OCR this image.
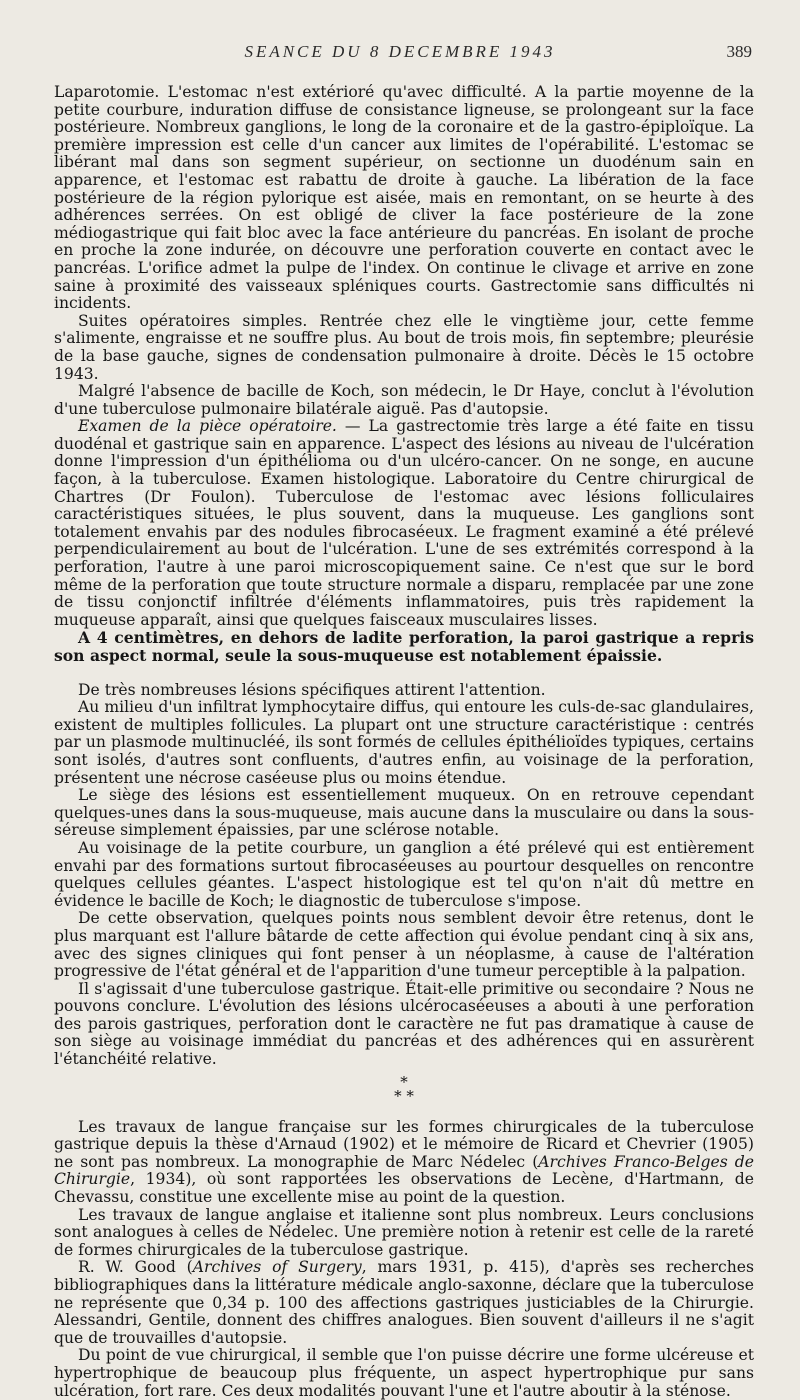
SEANCE DU 8 DECEMBRE 1943	389

Laparotomie. L'estomac n'est extérioré qu'avec difficulté. A la partie moyenne de la petite courbure, induration diffuse de consistance ligneuse, se prolongeant sur la face postérieure. Nombreux ganglions, le long de la coronaire et de la gastro-épiploïque. La première impression est celle d'un cancer aux limites de l'opérabilité. L'estomac se libérant mal dans son segment supérieur, on sectionne un duodénum sain en apparence, et l'estomac est rabattu de droite à gauche. La libération de la face postérieure de la région pylorique est aisée, mais en remontant, on se heurte à des adhérences serrées. On est obligé de cliver la face postérieure de la zone médiogastrique qui fait bloc avec la face antérieure du pancréas. En isolant de proche en proche la zone indurée, on découvre une perforation couverte en contact avec le pancréas. L'orifice admet la pulpe de l'index. On continue le clivage et arrive en zone saine à proximité des vaisseaux spléniques courts. Gastrectomie sans difficultés ni incidents.

Suites opératoires simples. Rentrée chez elle le vingtième jour, cette femme s'alimente, engraisse et ne souffre plus. Au bout de trois mois, fin septembre; pleurésie de la base gauche, signes de condensation pulmonaire à droite. Décès le 15 octobre 1943.

Malgré l'absence de bacille de Koch, son médecin, le Dr Haye, conclut à l'évolution d'une tuberculose pulmonaire bilatérale aiguë. Pas d'autopsie.

Examen de la pièce opératoire. — La gastrectomie très large a été faite en tissu duodénal et gastrique sain en apparence. L'aspect des lésions au niveau de l'ulcération donne l'impression d'un épithélioma ou d'un ulcéro-cancer. On ne songe, en aucune façon, à la tuberculose. Examen histologique. Laboratoire du Centre chirurgical de Chartres (Dr Foulon). Tuberculose de l'estomac avec lésions folliculaires caractéristiques situées, le plus souvent, dans la muqueuse. Les ganglions sont totalement envahis par des nodules fibrocaséeux. Le fragment examiné a été prélevé perpendiculairement au bout de l'ulcération. L'une de ses extrémités correspond à la perforation, l'autre à une paroi microscopiquement saine. Ce n'est que sur le bord même de la perforation que toute structure normale a disparu, remplacée par une zone de tissu conjonctif infiltrée d'éléments inflammatoires, puis très rapidement la muqueuse apparaît, ainsi que quelques faisceaux musculaires lisses.

A 4 centimètres, en dehors de ladite perforation, la paroi gastrique a repris son aspect normal, seule la sous-muqueuse est notablement épaissie.

De très nombreuses lésions spécifiques attirent l'attention.

Au milieu d'un infiltrat lymphocytaire diffus, qui entoure les culs-de-sac glandulaires, existent de multiples follicules. La plupart ont une structure caractéristique : centrés par un plasmode multinucléé, ils sont formés de cellules épithélioïdes typiques, certains sont isolés, d'autres sont confluents, d'autres enfin, au voisinage de la perforation, présentent une nécrose caséeuse plus ou moins étendue.

Le siège des lésions est essentiellement muqueux. On en retrouve cependant quelques-unes dans la sous-muqueuse, mais aucune dans la musculaire ou dans la sous-séreuse simplement épaissies, par une sclérose notable.

Au voisinage de la petite courbure, un ganglion a été prélevé qui est entièrement envahi par des formations surtout fibrocaséeuses au pourtour desquelles on rencontre quelques cellules géantes. L'aspect histologique est tel qu'on n'ait dû mettre en évidence le bacille de Koch; le diagnostic de tuberculose s'impose.

De cette observation, quelques points nous semblent devoir être retenus, dont le plus marquant est l'allure bâtarde de cette affection qui évolue pendant cinq à six ans, avec des signes cliniques qui font penser à un néoplasme, à cause de l'altération progressive de l'état général et de l'apparition d'une tumeur perceptible à la palpation.

Il s'agissait d'une tuberculose gastrique. Était-elle primitive ou secondaire ? Nous ne pouvons conclure. L'évolution des lésions ulcérocaséeuses a abouti à une perforation des parois gastriques, perforation dont le caractère ne fut pas dramatique à cause de son siège au voisinage immédiat du pancréas et des adhérences qui en assurèrent l'étanchéité relative.

*
* *

Les travaux de langue française sur les formes chirurgicales de la tuberculose gastrique depuis la thèse d'Arnaud (1902) et le mémoire de Ricard et Chevrier (1905) ne sont pas nombreux. La monographie de Marc Nédelec (Archives Franco-Belges de Chirurgie, 1934), où sont rapportées les observations de Lecène, d'Hartmann, de Chevassu, constitue une excellente mise au point de la question.

Les travaux de langue anglaise et italienne sont plus nombreux. Leurs conclusions sont analogues à celles de Nédelec. Une première notion à retenir est celle de la rareté de formes chirurgicales de la tuberculose gastrique.

R. W. Good (Archives of Surgery, mars 1931, p. 415), d'après ses recherches bibliographiques dans la littérature médicale anglo-saxonne, déclare que la tuberculose ne représente que 0,34 p. 100 des affections gastriques justiciables de la Chirurgie. Alessandri, Gentile, donnent des chiffres analogues. Bien souvent d'ailleurs il ne s'agit que de trouvailles d'autopsie.

Du point de vue chirurgical, il semble que l'on puisse décrire une forme ulcéreuse et hypertrophique de beaucoup plus fréquente, un aspect hypertrophique pur sans ulcération, fort rare. Ces deux modalités pouvant l'une et l'autre aboutir à la sténose.
